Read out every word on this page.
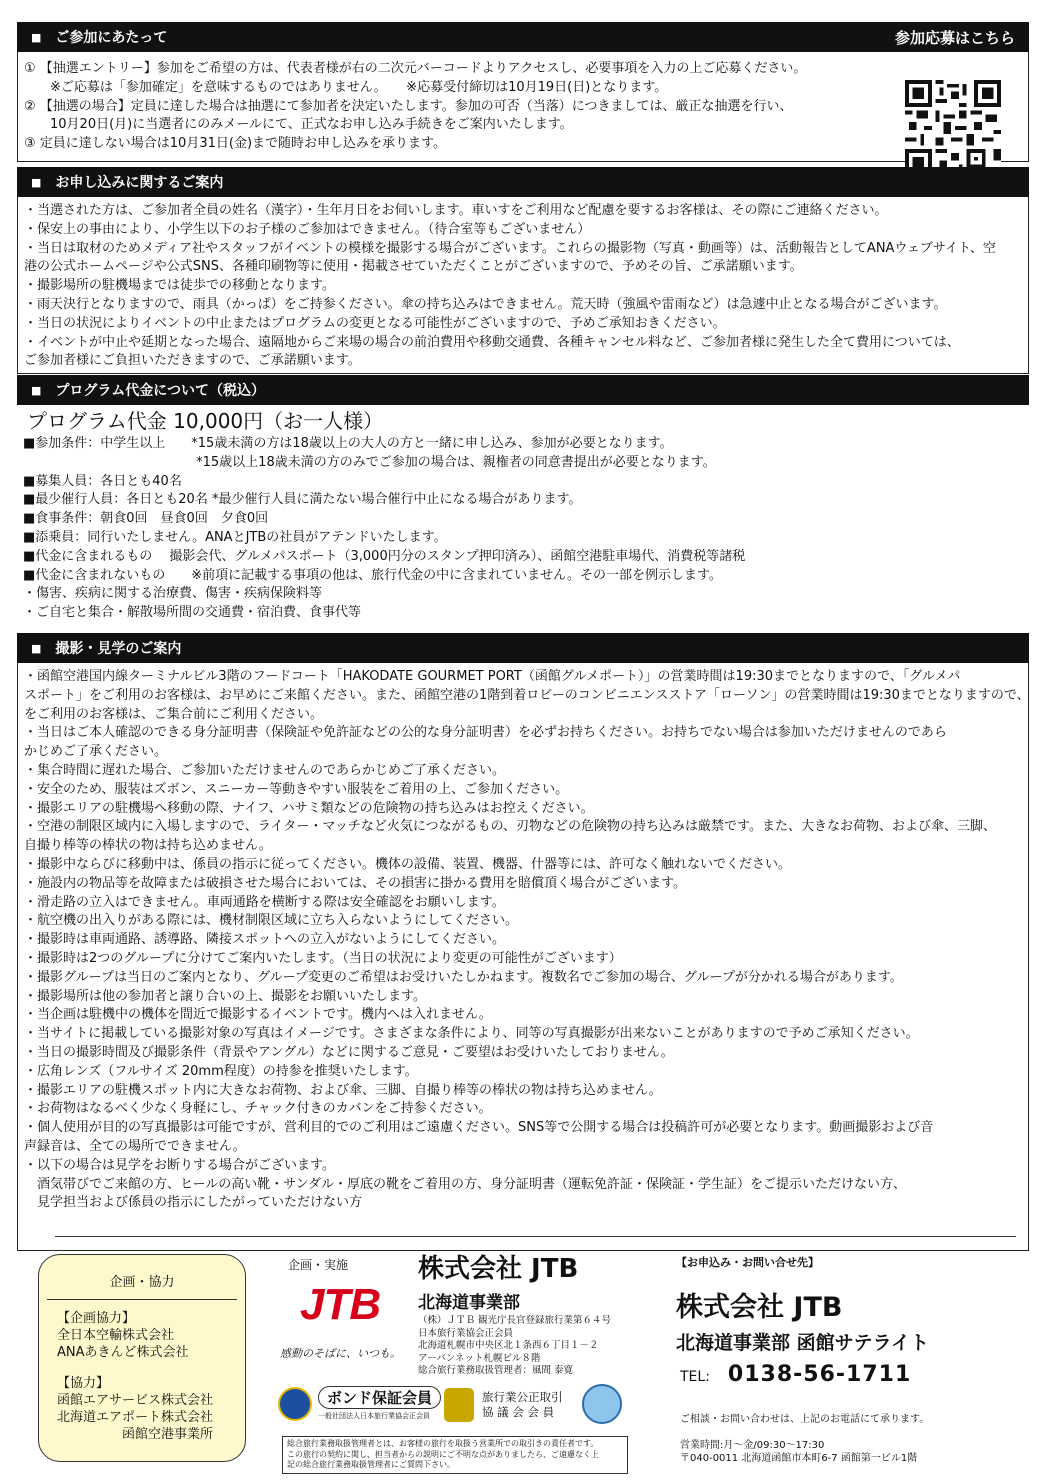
■ ご参加にあたって	参加応募はこちら
① 【抽選エントリー】参加をご希望の方は、代表者様が右の二次元バーコードよりアクセスし、必要事項を入力の上ご応募ください。
　　※ご応募は「参加確定」を意味するものではありません。　　※応募受付締切は10月19日(日)となります。
② 【抽選の場合】定員に達した場合は抽選にて参加者を決定いたします。参加の可否（当落）につきましては、厳正な抽選を行い、
　　10月20日(月)に当選者にのみメールにて、正式なお申し込み手続きをご案内いたします。
③ 定員に達しない場合は10月31日(金)まで随時お申し込みを承ります。
■ お申し込みに関するご案内
・当選された方は、ご参加者全員の姓名（漢字）・生年月日をお伺いします。車いすをご利用など配慮を要するお客様は、その際にご連絡ください。
・保安上の事由により、小学生以下のお子様のご参加はできません。（待合室等もございません）
・当日は取材のためメディア社やスタッフがイベントの模様を撮影する場合がございます。これらの撮影物（写真・動画等）は、活動報告としてANAウェブサイト、空
港の公式ホームページや公式SNS、各種印刷物等に使用・掲載させていただくことがございますので、予めその旨、ご承諾願います。
・撮影場所の駐機場までは徒歩での移動となります。
・雨天決行となりますので、雨具（かっぱ）をご持参ください。傘の持ち込みはできません。荒天時（強風や雷雨など）は急遽中止となる場合がございます。
・当日の状況によりイベントの中止またはプログラムの変更となる可能性がございますので、予めご承知おきください。
・イベントが中止や延期となった場合、遠隔地からご来場の場合の前泊費用や移動交通費、各種キャンセル料など、ご参加者様に発生した全て費用については、
ご参加者様にご負担いただきますので、ご承諾願います。
■ プログラム代金について（税込）
プログラム代金 10,000円（お一人様）
■参加条件：中学生以上　　*15歳未満の方は18歳以上の大人の方と一緒に申し込み、参加が必要となります。
　　　　　　　　　　　　　 *15歳以上18歳未満の方のみでご参加の場合は、親権者の同意書提出が必要となります。
■募集人員：各日とも40名
■最少催行人員：各日とも20名 *最少催行人員に満たない場合催行中止になる場合があります。
■食事条件：朝食0回　昼食0回　夕食0回
■添乗員：同行いたしません。ANAとJTBの社員がアテンドいたします。
■代金に含まれるもの　 撮影会代、グルメパスポート（3,000円分のスタンプ押印済み）、函館空港駐車場代、消費税等諸税
■代金に含まれないもの　　※前項に記載する事項の他は、旅行代金の中に含まれていません。その一部を例示します。
・傷害、疾病に関する治療費、傷害・疾病保険料等
・ご自宅と集合・解散場所間の交通費・宿泊費、食事代等
■ 撮影・見学のご案内
・函館空港国内線ターミナルビル3階のフードコート「HAKODATE GOURMET PORT（函館グルメポート）」の営業時間は19:30までとなりますので、「グルメパ
スポート」をご利用のお客様は、お早めにご来館ください。また、函館空港の1階到着ロビーのコンビニエンスストア「ローソン」の営業時間は19:30までとなりますので、
をご利用のお客様は、ご集合前にご利用ください。
・当日はご本人確認のできる身分証明書（保険証や免許証などの公的な身分証明書）を必ずお持ちください。お持ちでない場合は参加いただけませんのであら
かじめご了承ください。
・集合時間に遅れた場合、ご参加いただけませんのであらかじめご了承ください。
・安全のため、服装はズボン、スニーカー等動きやすい服装をご着用の上、ご参加ください。
・撮影エリアの駐機場へ移動の際、ナイフ、ハサミ類などの危険物の持ち込みはお控えください。
・空港の制限区域内に入場しますので、ライター・マッチなど火気につながるもの、刃物などの危険物の持ち込みは厳禁です。また、大きなお荷物、および傘、三脚、
自撮り棒等の棒状の物は持ち込めません。
・撮影中ならびに移動中は、係員の指示に従ってください。機体の設備、装置、機器、什器等には、許可なく触れないでください。
・施設内の物品等を故障または破損させた場合においては、その損害に掛かる費用を賠償頂く場合がございます。
・滑走路の立入はできません。車両通路を横断する際は安全確認をお願いします。
・航空機の出入りがある際には、機材制限区域に立ち入らないようにしてください。
・撮影時は車両通路、誘導路、隣接スポットへの立入がないようにしてください。
・撮影時は2つのグループに分けてご案内いたします。（当日の状況により変更の可能性がございます）
・撮影グループは当日のご案内となり、グループ変更のご希望はお受けいたしかねます。複数名でご参加の場合、グループが分かれる場合があります。
・撮影場所は他の参加者と譲り合いの上、撮影をお願いいたします。
・当企画は駐機中の機体を間近で撮影するイベントです。機内へは入れません。
・当サイトに掲載している撮影対象の写真はイメージです。さまざまな条件により、同等の写真撮影が出来ないことがありますので予めご承知ください。
・当日の撮影時間及び撮影条件（背景やアングル）などに関するご意見・ご要望はお受けいたしておりません。
・広角レンズ（フルサイズ 20mm程度）の持参を推奨いたします。
・撮影エリアの駐機スポット内に大きなお荷物、および傘、三脚、自撮り棒等の棒状の物は持ち込めません。
・お荷物はなるべく少なく身軽にし、チャック付きのカバンをご持参ください。
・個人使用が目的の写真撮影は可能ですが、営利目的でのご利用はご遠慮ください。SNS等で公開する場合は投稿許可が必要となります。動画撮影および音
声録音は、全ての場所でできません。
・以下の場合は見学をお断りする場合がございます。
　酒気帯びでご来館の方、ヒールの高い靴・サンダル・厚底の靴をご着用の方、身分証明書（運転免許証・保険証・学生証）をご提示いただけない方、
　見学担当および係員の指示にしたがっていただけない方
企画・協力
【企画協力】
全日本空輸株式会社
ANAあきんど株式会社
【協力】
函館エアサービス株式会社
北海道エアポート株式会社
　　　　　函館空港事業所
企画・実施
JTB
感動のそばに、いつも。
株式会社 JTB
北海道事業部
（株）ＪＴＢ 観光庁長官登録旅行業第６４号
日本旅行業協会正会員
北海道札幌市中央区北１条西６丁目１－２
アーバンネット札幌ビル８階
総合旅行業務取扱管理者：風間 泰寛
ボンド保証会員
一般社団法人日本旅行業協会正会員
旅行業公正取引
協 議 会 会 員
総合旅行業務取扱管理者とは、お客様の旅行を取扱う営業所での取引きの責任者です。
この旅行の契約に関し、担当者からの説明にご不明な点がありましたら、ご遠慮なく上
記の総合旅行業務取扱管理者にご質問下さい。
【お申込み・お問い合せ先】
株式会社 JTB
北海道事業部 函館サテライト
TEL: 0138-56-1711
ご相談・お問い合わせは、上記のお電話にて承ります。
営業時間:月～金/09:30～17:30
〒040-0011 北海道函館市本町6-7 函館第一ビル1階
